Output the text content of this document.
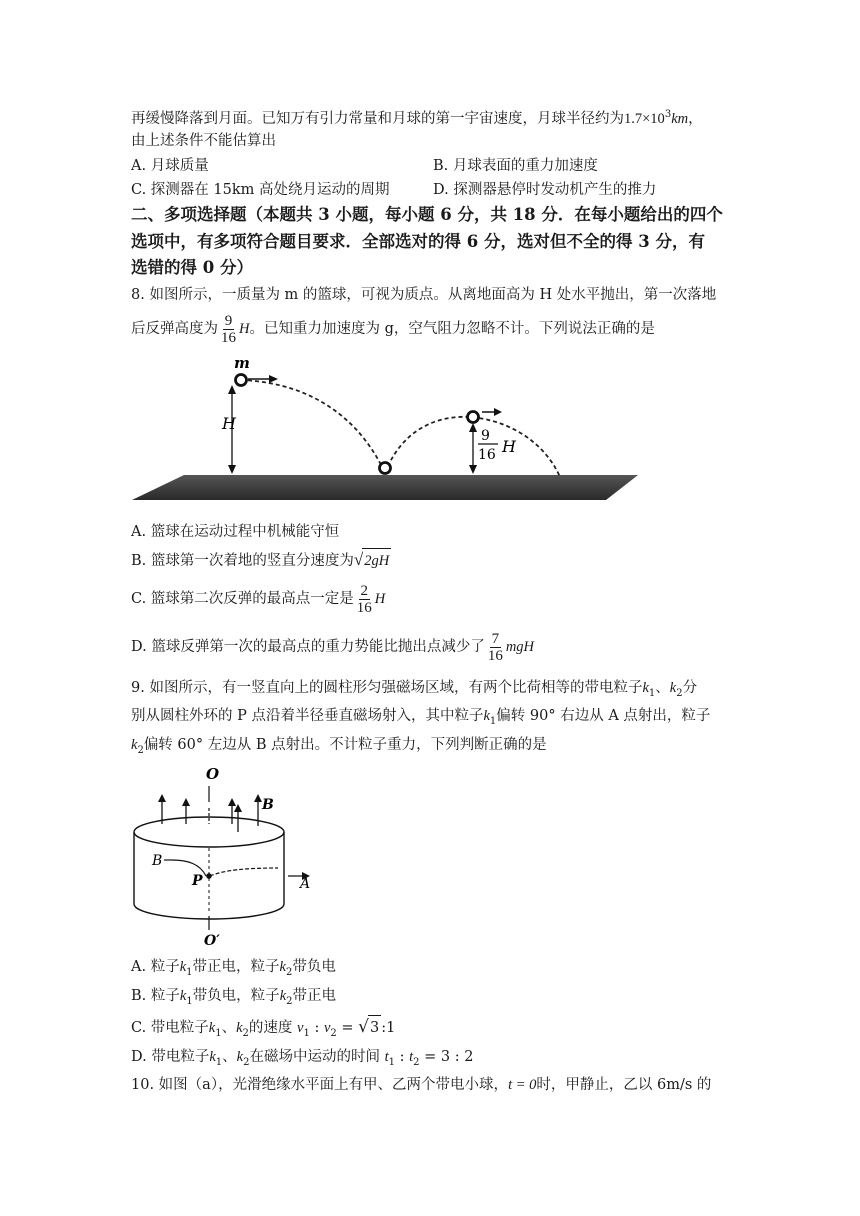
再缓慢降落到月面。已知万有引力常量和月球的第一宇宙速度，月球半径约为$1.7\times 10^3km$，
由上述条件不能估算出
A. 月球质量	B. 月球表面的重力加速度
C. 探测器在 15km 高处绕月运动的周期	D. 探测器悬停时发动机产生的推力
二、多项选择题（本题共 3 小题，每小题 6 分，共 18 分．在每小题给出的四个
选项中，有多项符合题目要求．全部选对的得 6 分，选对但不全的得 3 分，有
选错的得 0 分）
8. 如图所示，一质量为 m 的篮球，可视为质点。从离地面高为 H 处水平抛出，第一次落地
后反弹高度为 $\frac{9}{16}$ H。已知重力加速度为 g，空气阻力忽略不计。下列说法正确的是
m
H
9
16 H
A. 篮球在运动过程中机械能守恒
B. 篮球第一次着地的竖直分速度为√2gH
C. 篮球第二次反弹的最高点一定是 $\frac{2}{16}$ H
D. 篮球反弹第一次的最高点的重力势能比抛出点减少了 $\frac{7}{16}$ mgH
9. 如图所示，有一竖直向上的圆柱形匀强磁场区域，有两个比荷相等的带电粒子$k_1$、$k_2$分
别从圆柱外环的 P 点沿着半径垂直磁场射入，其中粒子$k_1$偏转 90° 右边从 A 点射出，粒子
$k_2$偏转 60° 左边从 B 点射出。不计粒子重力，下列判断正确的是
O
B
B
A
P
O′
A. 粒子$k_1$带正电，粒子$k_2$带负电
B. 粒子$k_1$带负电，粒子$k_2$带正电
C. 带电粒子$k_1$、$k_2$的速度 $v_1$ : $v_2 = √3$ :1
D. 带电粒子$k_1$、$k_2$在磁场中运动的时间 $t_1$ : $t_2 = 3$ : 2
10. 如图（a），光滑绝缘水平面上有甲、乙两个带电小球，t = 0时，甲静止，乙以 6m/s 的
